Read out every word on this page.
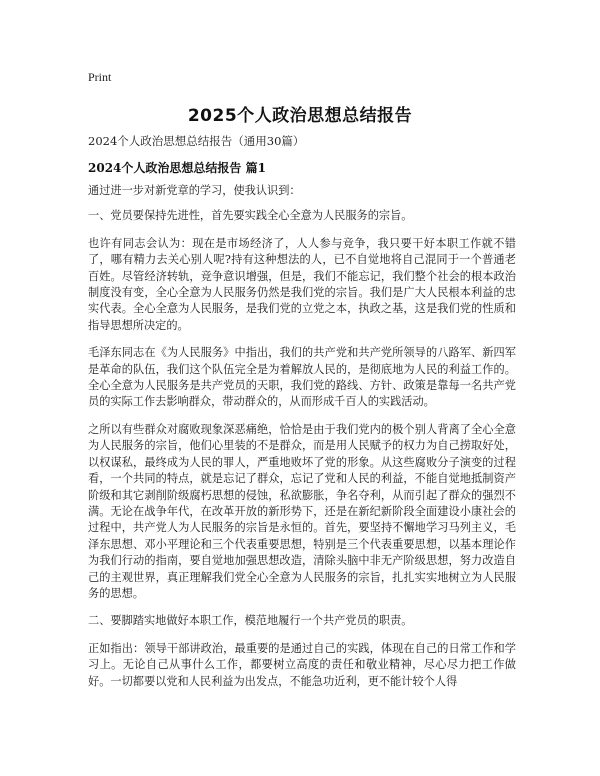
Print
2025个人政治思想总结报告
2024个人政治思想总结报告（通用30篇）
2024个人政治思想总结报告 篇1

通过进一步对新党章的学习，使我认识到：

一、党员要保持先进性，首先要实践全心全意为人民服务的宗旨。

也许有同志会认为：现在是市场经济了，人人参与竞争，我只要干好本职工作就不错了，哪有精力去关心别人呢?持有这种想法的人，已不自觉地将自己混同于一个普通老百姓。尽管经济转轨，竞争意识增强，但是，我们不能忘记，我们整个社会的根本政治制度没有变，全心全意为人民服务仍然是我们党的宗旨。我们是广大人民根本利益的忠实代表。全心全意为人民服务，是我们党的立党之本，执政之基，这是我们党的性质和指导思想所决定的。

毛泽东同志在《为人民服务》中指出，我们的共产党和共产党所领导的八路军、新四军是革命的队伍，我们这个队伍完全是为着解放人民的，是彻底地为人民的利益工作的。全心全意为人民服务是共产党员的天职，我们党的路线、方针、政策是靠每一名共产党员的实际工作去影响群众，带动群众的，从而形成千百人的实践活动。

之所以有些群众对腐败现象深恶痛绝，恰恰是由于我们党内的极个别人背离了全心全意为人民服务的宗旨，他们心里装的不是群众，而是用人民赋予的权力为自己捞取好处，以权谋私，最终成为人民的罪人，严重地败坏了党的形象。从这些腐败分子演变的过程看，一个共同的特点，就是忘记了群众，忘记了党和人民的利益，不能自觉地抵制资产阶级和其它剥削阶级腐朽思想的侵蚀，私欲膨胀，争名夺利，从而引起了群众的强烈不满。无论在战争年代，在改革开放的新形势下，还是在新纪新阶段全面建设小康社会的过程中，共产党人为人民服务的宗旨是永恒的。首先，要坚持不懈地学习马列主义，毛泽东思想、邓小平理论和三个代表重要思想，特别是三个代表重要思想，以基本理论作为我们行动的指南，要自觉地加强思想改造，清除头脑中非无产阶级思想，努力改造自己的主观世界，真正理解我们党全心全意为人民服务的宗旨，扎扎实实地树立为人民服务的思想。

二、要脚踏实地做好本职工作，模范地履行一个共产党员的职责。

正如指出：领导干部讲政治，最重要的是通过自己的实践，体现在自己的日常工作和学习上。无论自己从事什么工作，都要树立高度的责任和敬业精神，尽心尽力把工作做好。一切都要以党和人民利益为出发点，不能急功近利，更不能计较个人得
